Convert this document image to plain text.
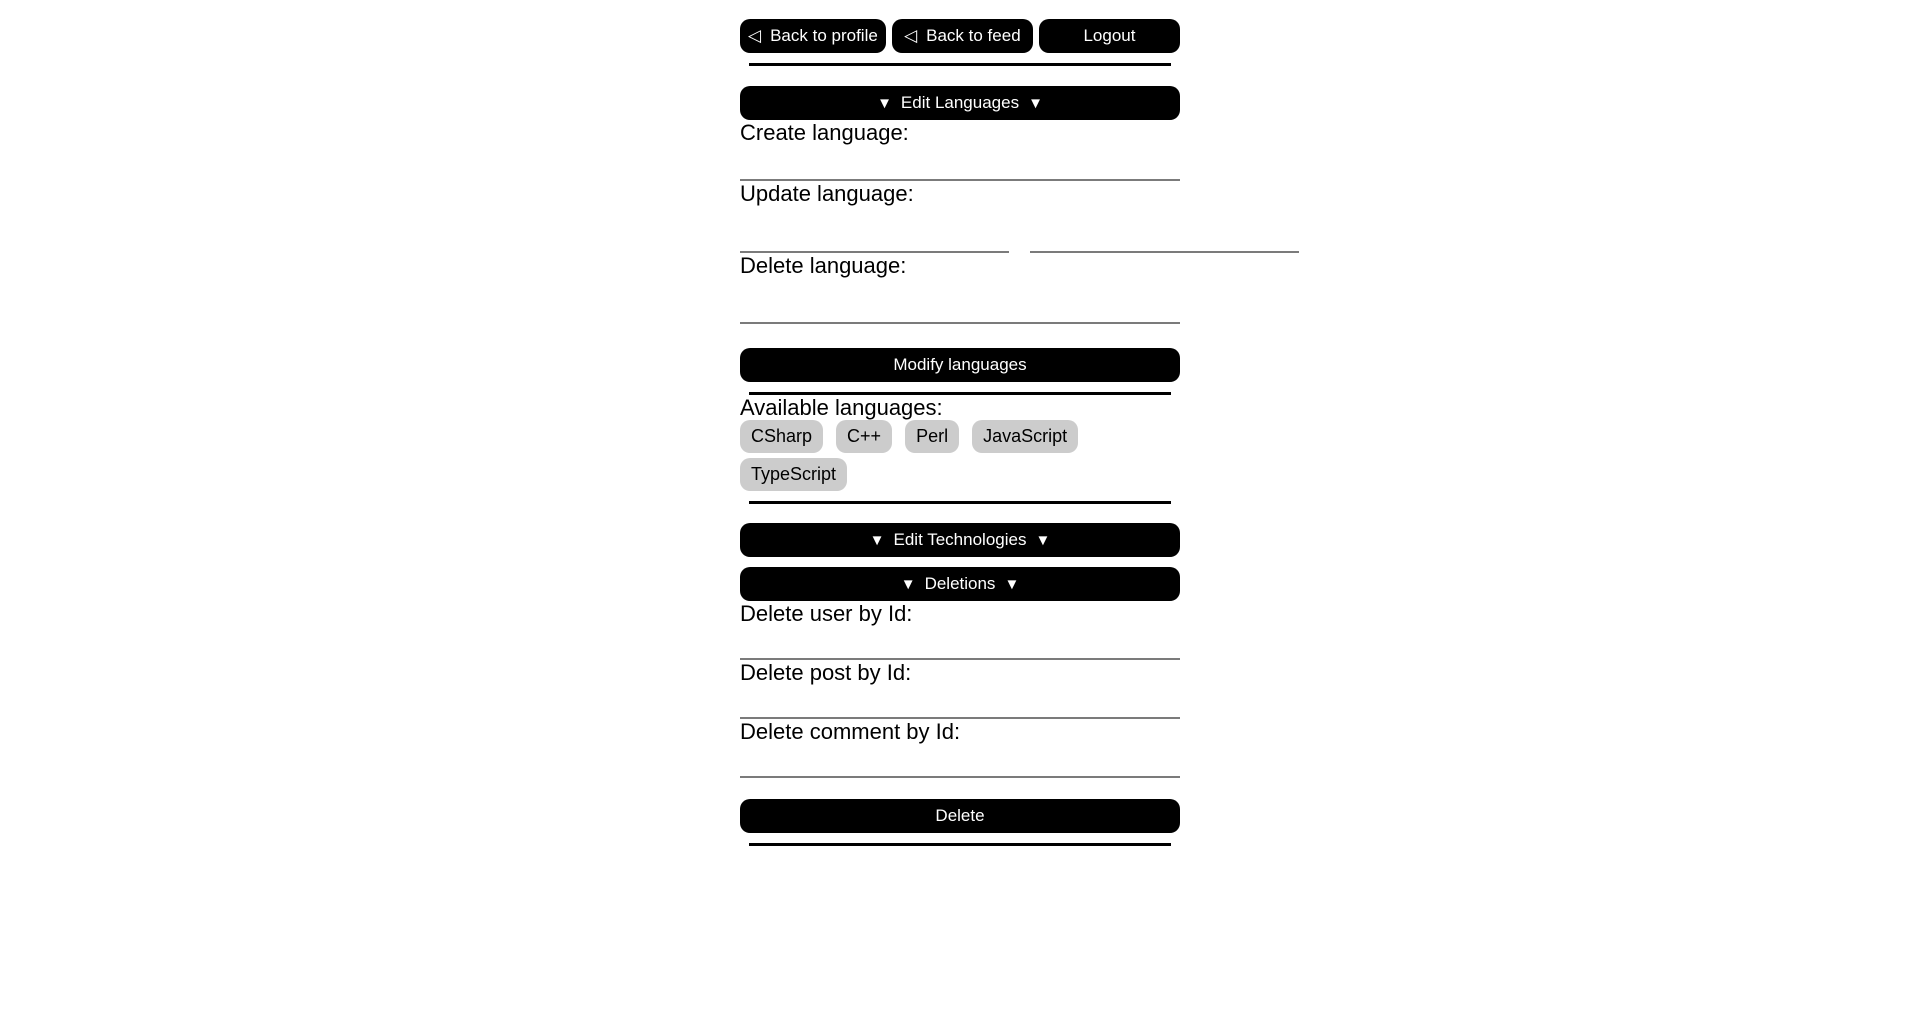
◁ Back to profile ◁ Back to feed	Logout
▼ Edit Languages ▼

Create language:

Update language:

Delete language:

Modify languages

Available languages:

CSharp	C++	Perl	JavaScript
TypeScript
▼ Edit Technologies ▼
▼ Deletions ▼

Delete user by Id:

Delete post by Id:

Delete comment by Id:

Delete
